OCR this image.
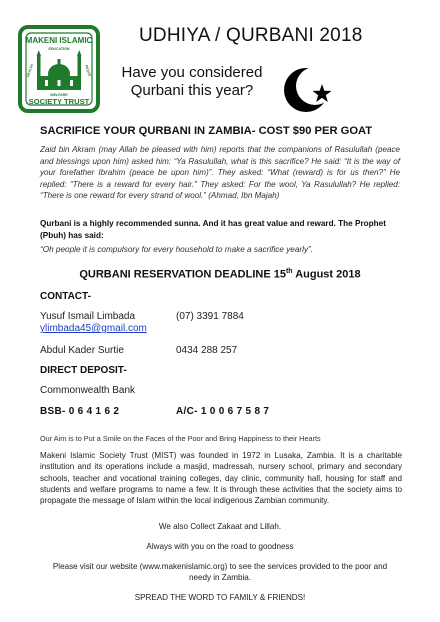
MAKENI ISLAMIC
EDUCATION
HEALTH	PEACE
WELFARE
SOCIETY TRUST
UDHIYA / QURBANI 2018
Have you considered
Qurbani this year?
SACRIFICE YOUR QURBANI IN ZAMBIA- COST $90 PER GOAT
Zaid bin Akram (may Allah be pleased with him) reports that the companions of Rasulullah (peace and blessings upon him) asked him: “Ya Rasulullah, what is this sacrifice? He said: “It is the way of your forefather Ibrahim (peace be upon him)”. They asked: “What (reward) is for us then?” He replied: “There is a reward for every hair.” They asked: For the wool, Ya Rasulullah? He replied: “There is one reward for every strand of wool.” (Ahmad, Ibn Majah)
Qurbani is a highly recommended sunna. And it has great value and reward. The Prophet (Pbuh) has said:
“Oh people it is compulsory for every household to make a sacrifice yearly”.
QURBANI RESERVATION DEADLINE 15th August 2018
CONTACT-
Yusuf Ismail Limbada	(07) 3391 7884
ylimbada45@gmail.com
Abdul Kader Surtie	0434 288 257
DIRECT DEPOSIT-
Commonwealth Bank
BSB- 0 6 4 1 6 2	A/C- 1 0 0 6 7 5 8 7
Our Aim is to Put a Smile on the Faces of the Poor and Bring Happiness to their Hearts
Makeni Islamic Society Trust (MIST) was founded in 1972 in Lusaka, Zambia. It is a charitable institution and its operations include a masjid, madressah, nursery school, primary and secondary schools, teacher and vocational training colleges, day clinic, community hall, housing for staff and students and welfare programs to name a few. It is through these activities that the society aims to propagate the message of Islam within the local indigenous Zambian community.
We also Collect Zakaat and Lillah.
Always with you on the road to goodness
Please visit our website (www.makenislamic.org) to see the services provided to the poor and needy in Zambia.
SPREAD THE WORD TO FAMILY & FRIENDS!
